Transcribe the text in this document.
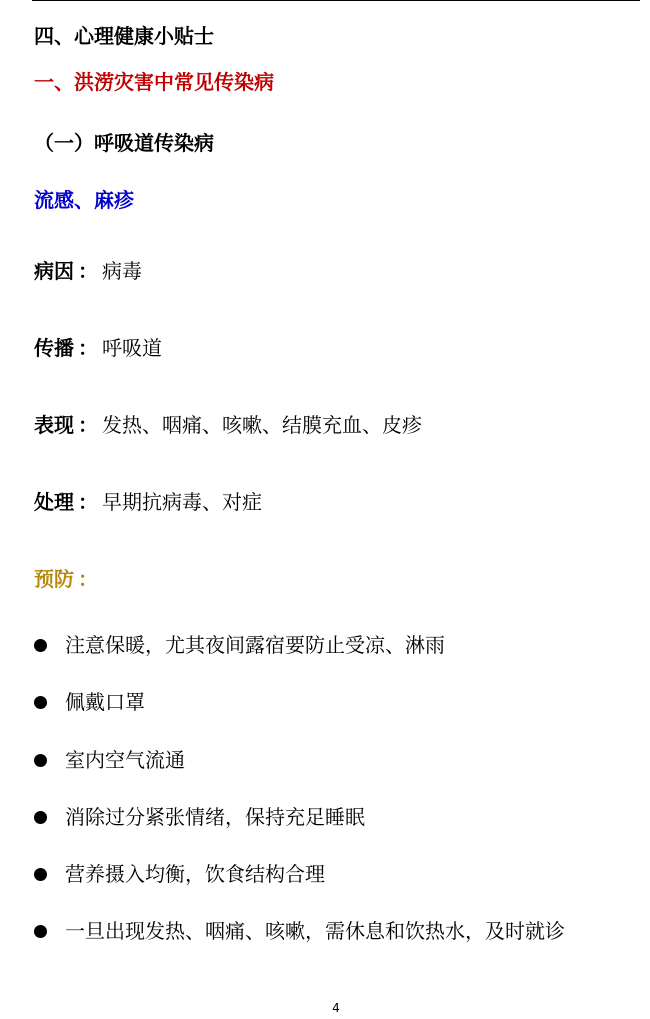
四、心理健康小贴士
一、洪涝灾害中常见传染病
（一）呼吸道传染病
流感、麻疹
病因 ： 病毒
传播 ： 呼吸道
表现 ： 发热、咽痛、咳嗽、结膜充血、皮疹
处理 ： 早期抗病毒、对症
预防 ：
注意保暖，尤其夜间露宿要防止受凉、淋雨
佩戴口罩
室内空气流通
消除过分紧张情绪，保持充足睡眠
营养摄入均衡，饮食结构合理
一旦出现发热、咽痛、咳嗽，需休息和饮热水，及时就诊
4
